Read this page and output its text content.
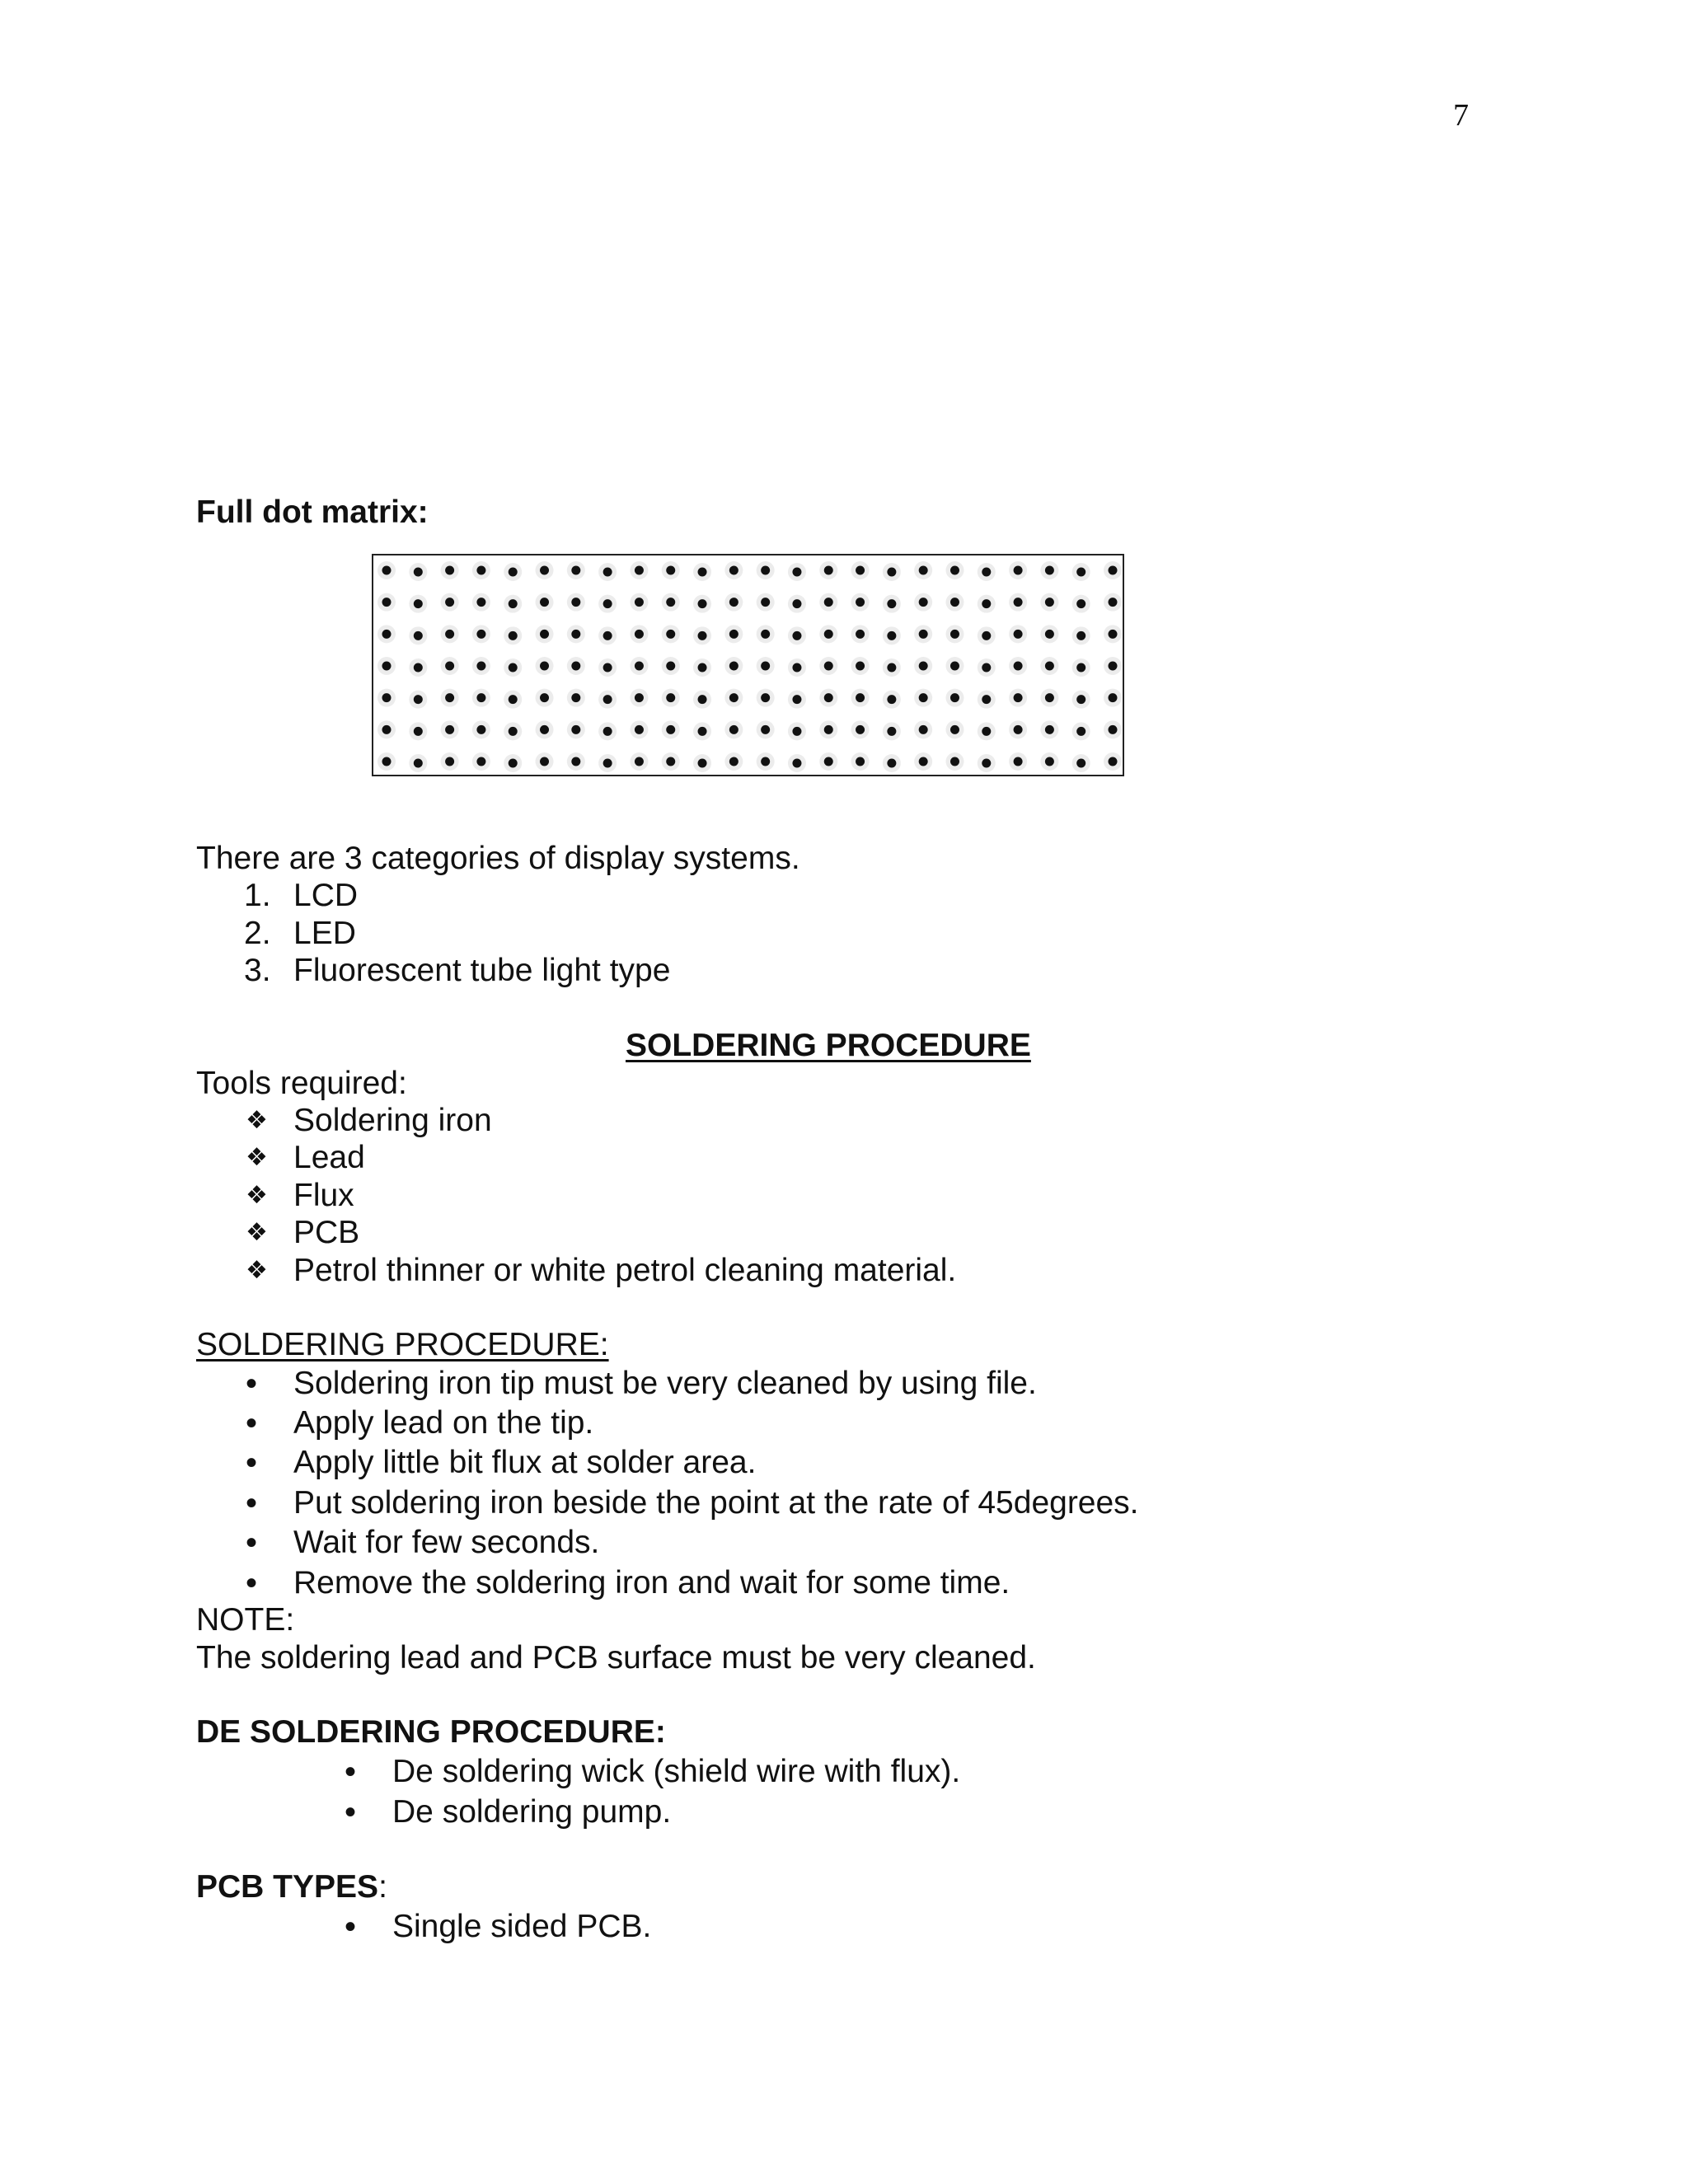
7
Full dot matrix:
There are 3 categories of display systems.
1. LCD
2. LED
3. Fluorescent tube light type
SOLDERING PROCEDURE
Tools required:
❖ Soldering iron
❖ Lead
❖ Flux
❖ PCB
❖ Petrol thinner or white petrol cleaning material.
SOLDERING PROCEDURE:
• Soldering iron tip must be very cleaned by using file.
• Apply lead on the tip.
• Apply little bit flux at solder area.
• Put soldering iron beside the point at the rate of 45degrees.
• Wait for few seconds.
• Remove the soldering iron and wait for some time.
NOTE:
The soldering lead and PCB surface must be very cleaned.
DE SOLDERING PROCEDURE:
• De soldering wick (shield wire with flux).
• De soldering pump.
PCB TYPES:
• Single sided PCB.
